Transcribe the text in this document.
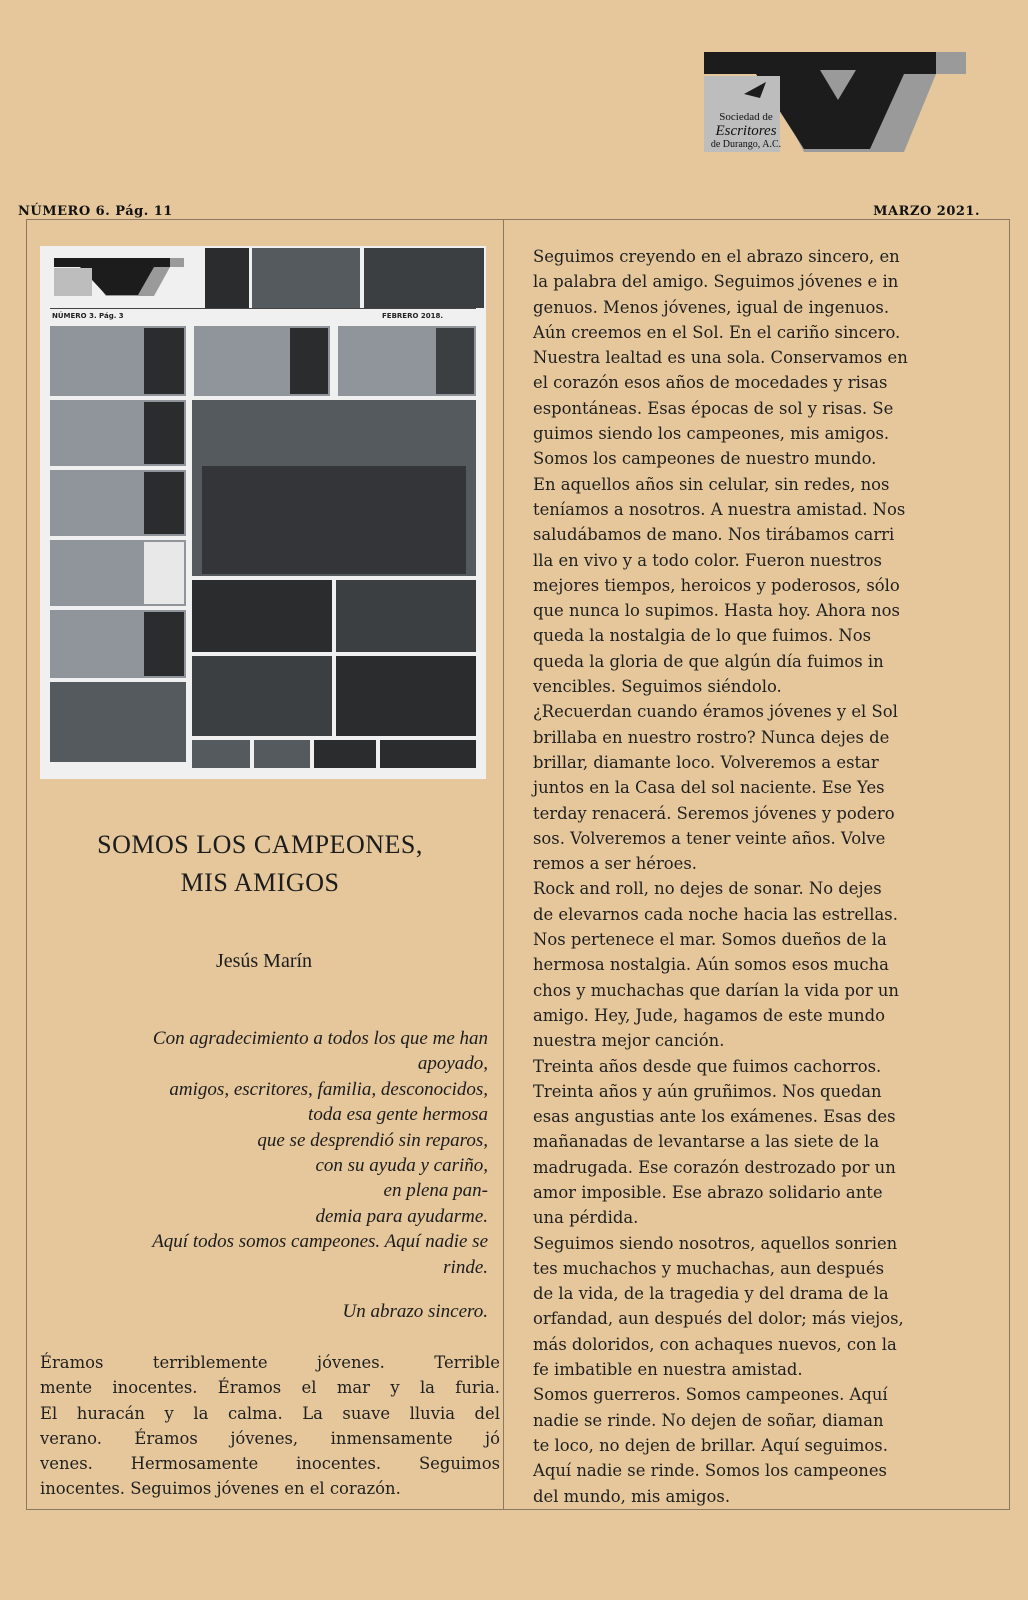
Sociedad de
Escritores
de Durango, A.C.
NÚMERO 6. Pág. 11	MARZO 2021.
NÚMERO 3. Pág. 3	FEBRERO 2018.
SOMOS LOS CAMPEONES,
MIS AMIGOS
Jesús Marín
Con agradecimiento a todos los que me han
apoyado,
amigos, escritores, familia, desconocidos,
toda esa gente hermosa
que se desprendió sin reparos,
con su ayuda y cariño,
en plena pan-
demia para ayudarme.
Aquí todos somos campeones. Aquí nadie se
rinde.
Un abrazo sincero.
Éramos terriblemente jóvenes. Terrible
mente inocentes. Éramos el mar y la furia.
El huracán y la calma. La suave lluvia del
verano. Éramos jóvenes, inmensamente jó
venes. Hermosamente inocentes. Seguimos
inocentes. Seguimos jóvenes en el corazón.
Seguimos creyendo en el abrazo sincero, en
la palabra del amigo. Seguimos jóvenes e in
genuos. Menos jóvenes, igual de ingenuos.
Aún creemos en el Sol. En el cariño sincero.
Nuestra lealtad es una sola. Conservamos en
el corazón esos años de mocedades y risas
espontáneas. Esas épocas de sol y risas. Se
guimos siendo los campeones, mis amigos.
Somos los campeones de nuestro mundo.
En aquellos años sin celular, sin redes, nos
teníamos a nosotros. A nuestra amistad. Nos
saludábamos de mano. Nos tirábamos carri
lla en vivo y a todo color. Fueron nuestros
mejores tiempos, heroicos y poderosos, sólo
que nunca lo supimos. Hasta hoy. Ahora nos
queda la nostalgia de lo que fuimos. Nos
queda la gloria de que algún día fuimos in
vencibles. Seguimos siéndolo.
¿Recuerdan cuando éramos jóvenes y el Sol
brillaba en nuestro rostro? Nunca dejes de
brillar, diamante loco. Volveremos a estar
juntos en la Casa del sol naciente. Ese Yes
terday renacerá. Seremos jóvenes y podero
sos. Volveremos a tener veinte años. Volve
remos a ser héroes.
Rock and roll, no dejes de sonar. No dejes
de elevarnos cada noche hacia las estrellas.
Nos pertenece el mar. Somos dueños de la
hermosa nostalgia. Aún somos esos mucha
chos y muchachas que darían la vida por un
amigo. Hey, Jude, hagamos de este mundo
nuestra mejor canción.
Treinta años desde que fuimos cachorros.
Treinta años y aún gruñimos. Nos quedan
esas angustias ante los exámenes. Esas des
mañanadas de levantarse a las siete de la
madrugada. Ese corazón destrozado por un
amor imposible. Ese abrazo solidario ante
una pérdida.
Seguimos siendo nosotros, aquellos sonrien
tes muchachos y muchachas, aun después
de la vida, de la tragedia y del drama de la
orfandad, aun después del dolor; más viejos,
más doloridos, con achaques nuevos, con la
fe imbatible en nuestra amistad.
Somos guerreros. Somos campeones. Aquí
nadie se rinde. No dejen de soñar, diaman
te loco, no dejen de brillar. Aquí seguimos.
Aquí nadie se rinde. Somos los campeones
del mundo, mis amigos.
